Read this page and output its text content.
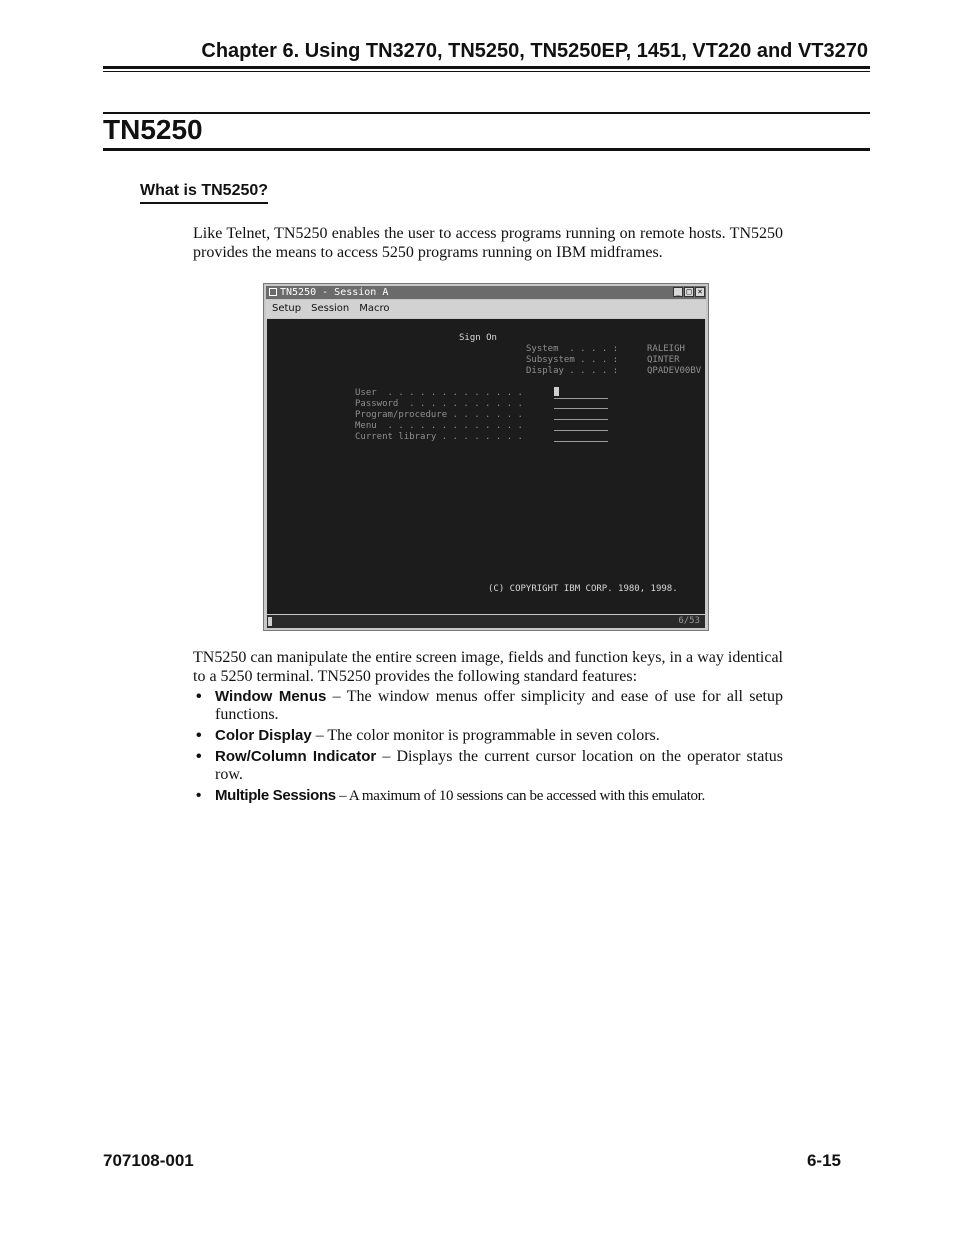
Chapter 6. Using TN3270, TN5250, TN5250EP, 1451, VT220 and VT3270
TN5250
What is TN5250?
Like Telnet, TN5250 enables the user to access programs running on remote hosts. TN5250 provides the means to access 5250 programs running on IBM midframes.
TN5250 - Session A	_ □ ×
Setup Session Macro
Sign On
System  . . . . :	RALEIGH
Subsystem . . . :	QINTER
Display . . . . :	QPADEV00BV
User  . . . . . . . . . . . . .
Password  . . . . . . . . . . .
Program/procedure . . . . . . .
Menu  . . . . . . . . . . . . .
Current library . . . . . . . .
(C) COPYRIGHT IBM CORP. 1980, 1998.
6/53
TN5250 can manipulate the entire screen image, fields and function keys, in a way identical to a 5250 terminal. TN5250 provides the following standard features:
• Window Menus – The window menus offer simplicity and ease of use for all setup functions.
• Color Display – The color monitor is programmable in seven colors.
• Row/Column Indicator – Displays the current cursor location on the operator status row.
• Multiple Sessions – A maximum of 10 sessions can be accessed with this emulator.
707108-001	6-15
